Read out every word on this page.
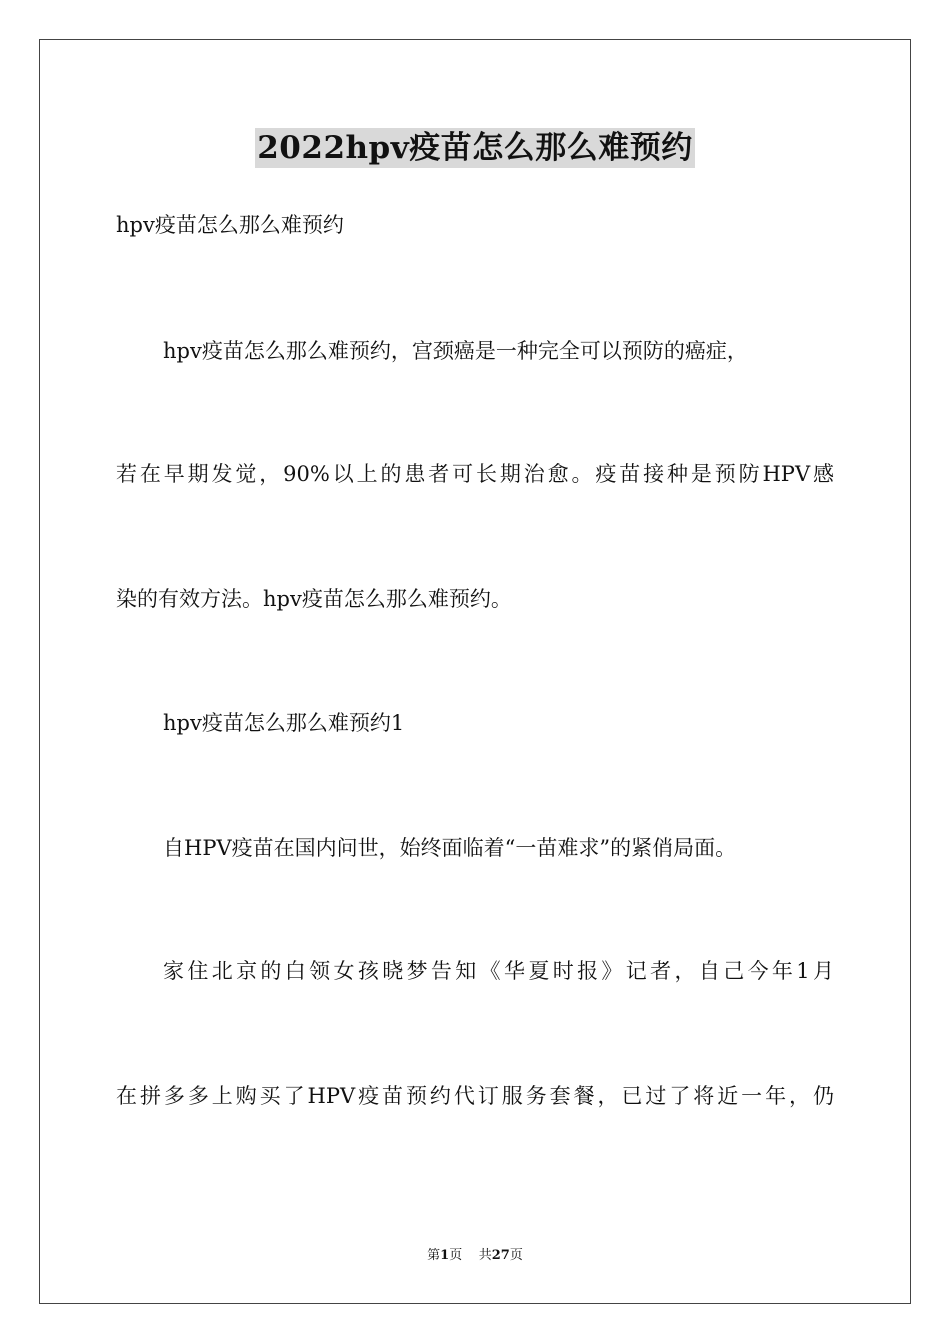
2022hpv疫苗怎么那么难预约
hpv疫苗怎么那么难预约
hpv疫苗怎么那么难预约，宫颈癌是一种完全可以预防的癌症，
若在早期发觉，90%以上的患者可长期治愈。疫苗接种是预防HPV感
染的有效方法。hpv疫苗怎么那么难预约。
hpv疫苗怎么那么难预约1
自HPV疫苗在国内问世，始终面临着“一苗难求”的紧俏局面。
家住北京的白领女孩晓梦告知《华夏时报》记者，自己今年1月
在拼多多上购买了HPV疫苗预约代订服务套餐，已过了将近一年，仍
第1页 共27页
